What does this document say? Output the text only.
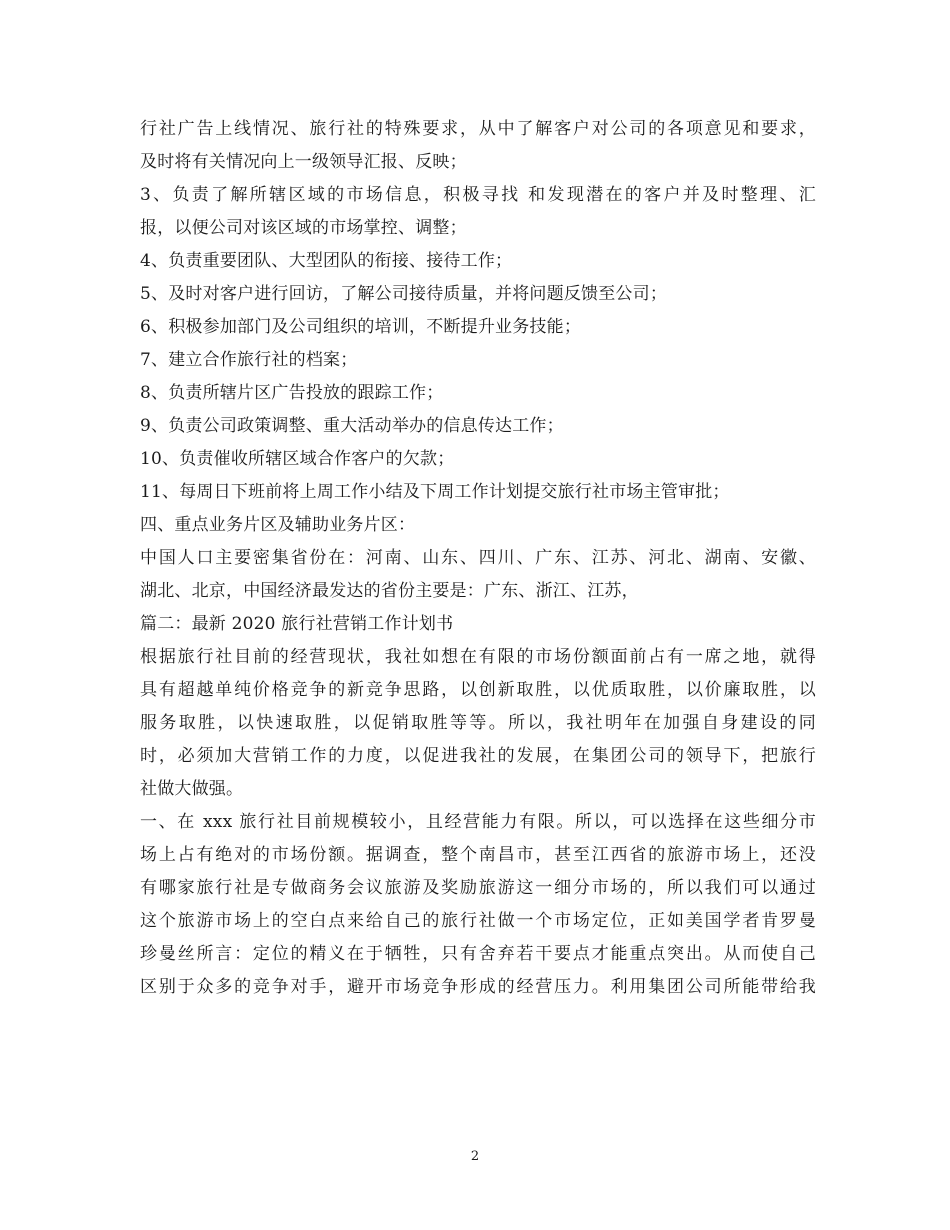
行社广告上线情况、旅行社的特殊要求，从中了解客户对公司的各项意见和要求，
及时将有关情况向上一级领导汇报、反映；
3、负责了解所辖区域的市场信息，积极寻找 和发现潜在的客户并及时整理、汇
报，以便公司对该区域的市场掌控、调整；
4、负责重要团队、大型团队的衔接、接待工作；
5、及时对客户进行回访，了解公司接待质量，并将问题反馈至公司；
6、积极参加部门及公司组织的培训，不断提升业务技能；
7、建立合作旅行社的档案；
8、负责所辖片区广告投放的跟踪工作；
9、负责公司政策调整、重大活动举办的信息传达工作；
10、负责催收所辖区域合作客户的欠款；
11、每周日下班前将上周工作小结及下周工作计划提交旅行社市场主管审批；
四、重点业务片区及辅助业务片区：
中国人口主要密集省份在：河南、山东、四川、广东、江苏、河北、湖南、安徽、
湖北、北京，中国经济最发达的省份主要是：广东、浙江、江苏，
篇二：最新 2020 旅行社营销工作计划书
根据旅行社目前的经营现状，我社如想在有限的市场份额面前占有一席之地，就得
具有超越单纯价格竞争的新竞争思路，以创新取胜，以优质取胜，以价廉取胜，以
服务取胜，以快速取胜，以促销取胜等等。所以，我社明年在加强自身建设的同
时，必须加大营销工作的力度，以促进我社的发展，在集团公司的领导下，把旅行
社做大做强。
一、在 xxx 旅行社目前规模较小，且经营能力有限。所以，可以选择在这些细分市
场上占有绝对的市场份额。据调查，整个南昌市，甚至江西省的旅游市场上，还没
有哪家旅行社是专做商务会议旅游及奖励旅游这一细分市场的，所以我们可以通过
这个旅游市场上的空白点来给自己的旅行社做一个市场定位，正如美国学者肯罗曼
珍曼丝所言：定位的精义在于牺牲，只有舍弃若干要点才能重点突出。从而使自己
区别于众多的竞争对手，避开市场竞争形成的经营压力。利用集团公司所能带给我
2
